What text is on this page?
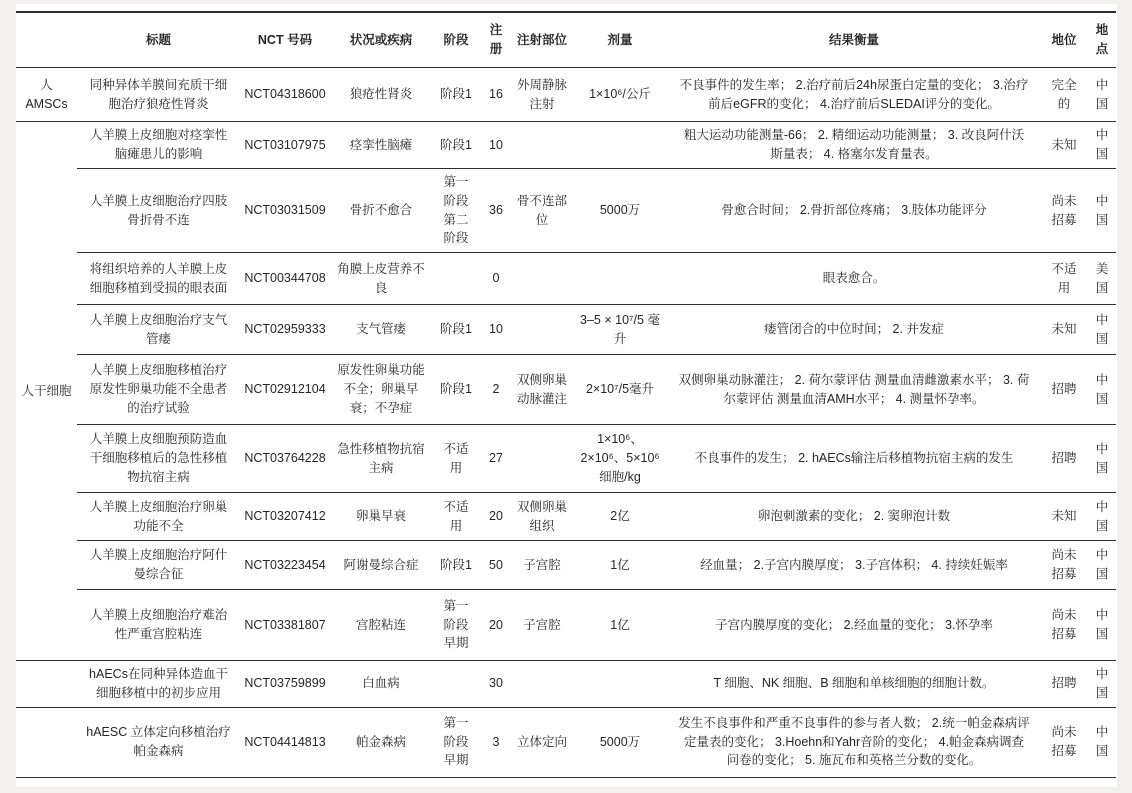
	标题	NCT 号码	状况或疾病	阶段	注册	注射部位	剂量	结果衡量	地位	地点
人 AMSCs	同种异体羊膜间充质干细胞治疗狼疮性肾炎	NCT04318600	狼疮性肾炎	阶段1	16	外周静脉注射	1×10⁶/公斤	不良事件的发生率； 2.治疗前后24h尿蛋白定量的变化； 3.治疗前后eGFR的变化； 4.治疗前后SLEDAI评分的变化。	完全的	中国
人干细胞	人羊膜上皮细胞对痉挛性脑瘫患儿的影响	NCT03107975	痉挛性脑瘫	阶段1	10			粗大运动功能测量-66； 2. 精细运动功能测量； 3. 改良阿什沃斯量表； 4. 格塞尔发育量表。	未知	中国
	人羊膜上皮细胞治疗四肢骨折骨不连	NCT03031509	骨折不愈合	第一阶段 第二阶段	36	骨不连部位	5000万	骨愈合时间； 2.骨折部位疼痛； 3.肢体功能评分	尚未招募	中国
	将组织培养的人羊膜上皮细胞移植到受损的眼表面	NCT00344708	角膜上皮营养不良		0			眼表愈合。	不适用	美国
	人羊膜上皮细胞治疗支气管瘘	NCT02959333	支气管瘘	阶段1	10		3–5 × 10⁷/5 毫升	瘘管闭合的中位时间； 2. 并发症	未知	中国
	人羊膜上皮细胞移植治疗原发性卵巢功能不全患者的治疗试验	NCT02912104	原发性卵巢功能不全；卵巢早衰；不孕症	阶段1	2	双侧卵巢动脉灌注	2×10⁷/5毫升	双侧卵巢动脉灌注； 2. 荷尔蒙评估 测量血清雌激素水平； 3. 荷尔蒙评估 测量血清AMH水平； 4. 测量怀孕率。	招聘	中国
	人羊膜上皮细胞预防造血干细胞移植后的急性移植物抗宿主病	NCT03764228	急性移植物抗宿主病	不适用	27		1×10⁶、2×10⁶、5×10⁶细胞/kg	不良事件的发生； 2. hAECs输注后移植物抗宿主病的发生	招聘	中国
	人羊膜上皮细胞治疗卵巢功能不全	NCT03207412	卵巢早衰	不适用	20	双侧卵巢组织	2亿	卵泡刺激素的变化； 2. 窦卵泡计数	未知	中国
	人羊膜上皮细胞治疗阿什曼综合征	NCT03223454	阿谢曼综合症	阶段1	50	子宫腔	1亿	经血量； 2.子宫内膜厚度； 3.子宫体积； 4. 持续妊娠率	尚未招募	中国
	人羊膜上皮细胞治疗难治性严重宫腔粘连	NCT03381807	宫腔粘连	第一阶段早期	20	子宫腔	1亿	子宫内膜厚度的变化； 2.经血量的变化； 3.怀孕率	尚未招募	中国
	hAECs在同种异体造血干细胞移植中的初步应用	NCT03759899	白血病		30			T 细胞、NK 细胞、B 细胞和单核细胞的细胞计数。	招聘	中国
	hAESC 立体定向移植治疗帕金森病	NCT04414813	帕金森病	第一阶段早期	3	立体定向	5000万	发生不良事件和严重不良事件的参与者人数； 2.统一帕金森病评定量表的变化； 3.Hoehn和Yahr音阶的变化； 4.帕金森病调查问卷的变化； 5. 施瓦布和英格兰分数的变化。	尚未招募	中国
